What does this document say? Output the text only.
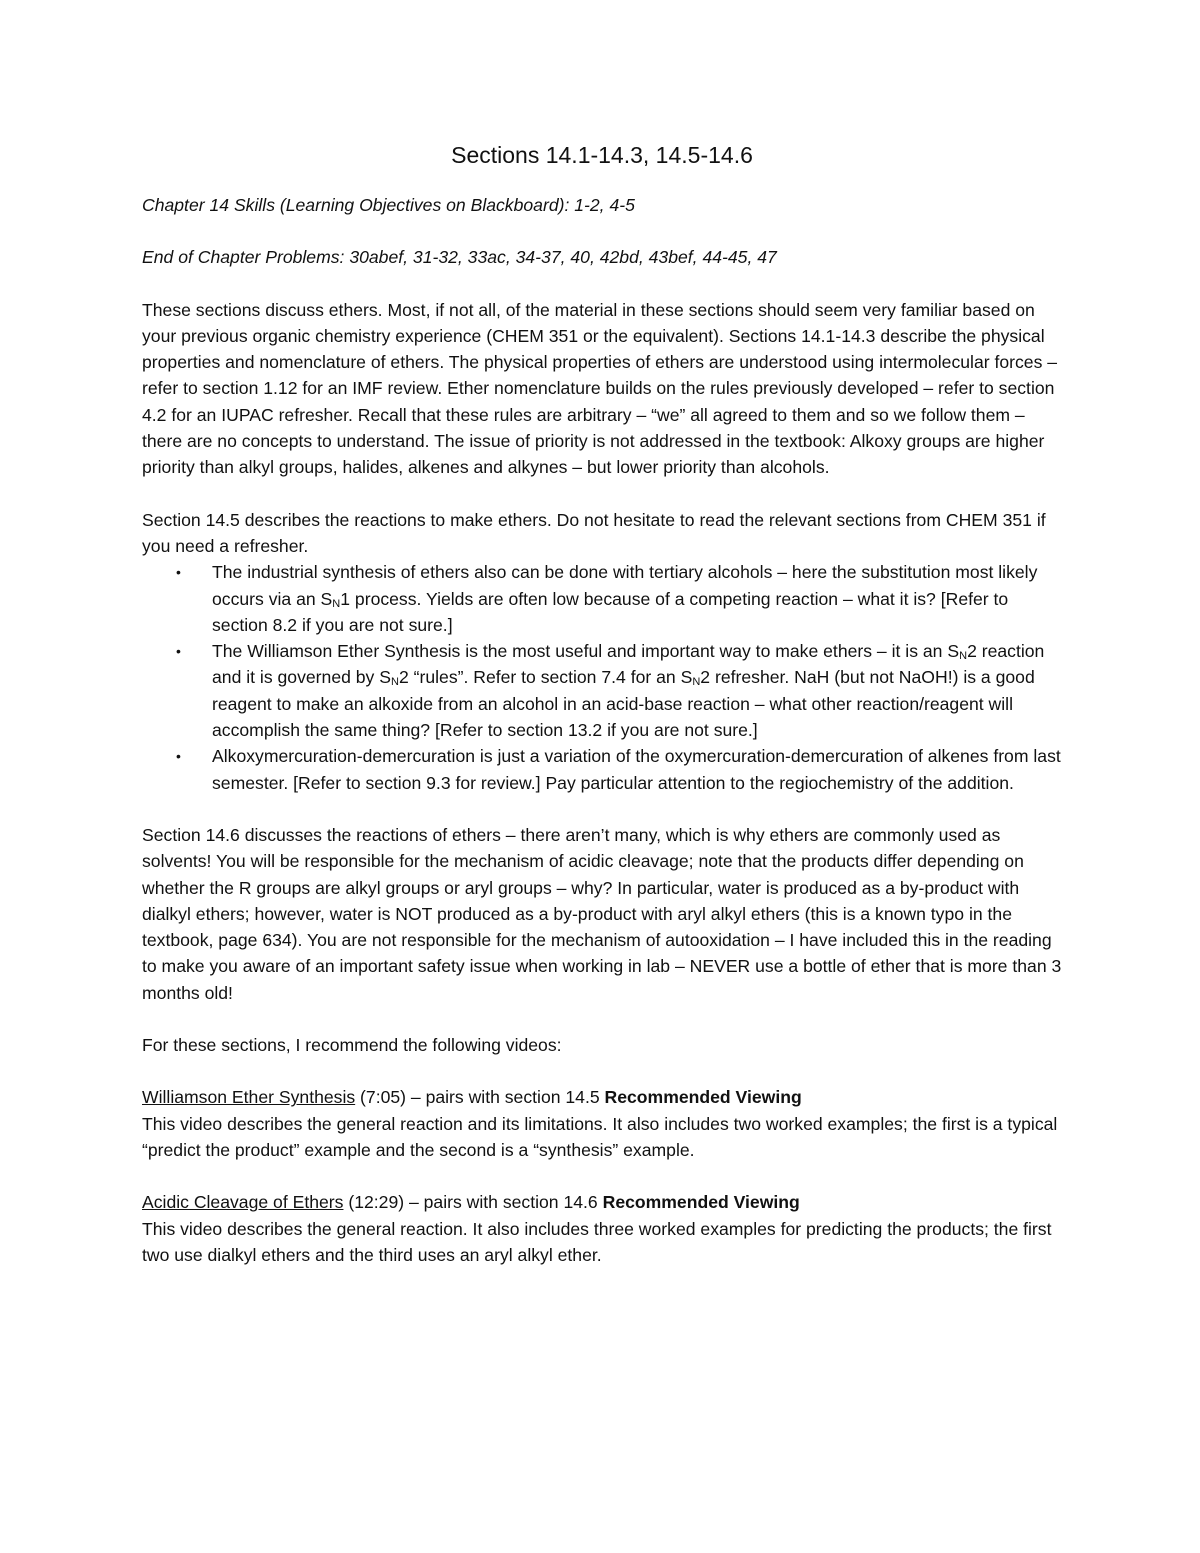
Sections 14.1-14.3, 14.5-14.6

Chapter 14 Skills (Learning Objectives on Blackboard): 1-2, 4-5

End of Chapter Problems: 30abef, 31-32, 33ac, 34-37, 40, 42bd, 43bef, 44-45, 47

These sections discuss ethers. Most, if not all, of the material in these sections should seem very familiar based on your previous organic chemistry experience (CHEM 351 or the equivalent). Sections 14.1-14.3 describe the physical properties and nomenclature of ethers. The physical properties of ethers are understood using intermolecular forces – refer to section 1.12 for an IMF review. Ether nomenclature builds on the rules previously developed – refer to section 4.2 for an IUPAC refresher. Recall that these rules are arbitrary – “we” all agreed to them and so we follow them – there are no concepts to understand. The issue of priority is not addressed in the textbook: Alkoxy groups are higher priority than alkyl groups, halides, alkenes and alkynes – but lower priority than alcohols.

Section 14.5 describes the reactions to make ethers. Do not hesitate to read the relevant sections from CHEM 351 if you need a refresher.

• The industrial synthesis of ethers also can be done with tertiary alcohols – here the substitution most likely occurs via an $S_N1$ process. Yields are often low because of a competing reaction – what it is? [Refer to section 8.2 if you are not sure.]
• The Williamson Ether Synthesis is the most useful and important way to make ethers – it is an $S_N2$ reaction and it is governed by $S_N2$ “rules”. Refer to section 7.4 for an $S_N2$ refresher. NaH (but not NaOH!) is a good reagent to make an alkoxide from an alcohol in an acid-base reaction – what other reaction/reagent will accomplish the same thing? [Refer to section 13.2 if you are not sure.]
• Alkoxymercuration-demercuration is just a variation of the oxymercuration-demercuration of alkenes from last semester. [Refer to section 9.3 for review.] Pay particular attention to the regiochemistry of the addition.

Section 14.6 discusses the reactions of ethers – there aren’t many, which is why ethers are commonly used as solvents! You will be responsible for the mechanism of acidic cleavage; note that the products differ depending on whether the R groups are alkyl groups or aryl groups – why? In particular, water is produced as a by-product with dialkyl ethers; however, water is NOT produced as a by-product with aryl alkyl ethers (this is a known typo in the textbook, page 634). You are not responsible for the mechanism of autooxidation – I have included this in the reading to make you aware of an important safety issue when working in lab – NEVER use a bottle of ether that is more than 3 months old!

For these sections, I recommend the following videos:

Williamson Ether Synthesis (7:05) – pairs with section 14.5 Recommended Viewing
This video describes the general reaction and its limitations. It also includes two worked examples; the first is a typical “predict the product” example and the second is a “synthesis” example.
Acidic Cleavage of Ethers (12:29) – pairs with section 14.6 Recommended Viewing
This video describes the general reaction. It also includes three worked examples for predicting the products; the first two use dialkyl ethers and the third uses an aryl alkyl ether.
